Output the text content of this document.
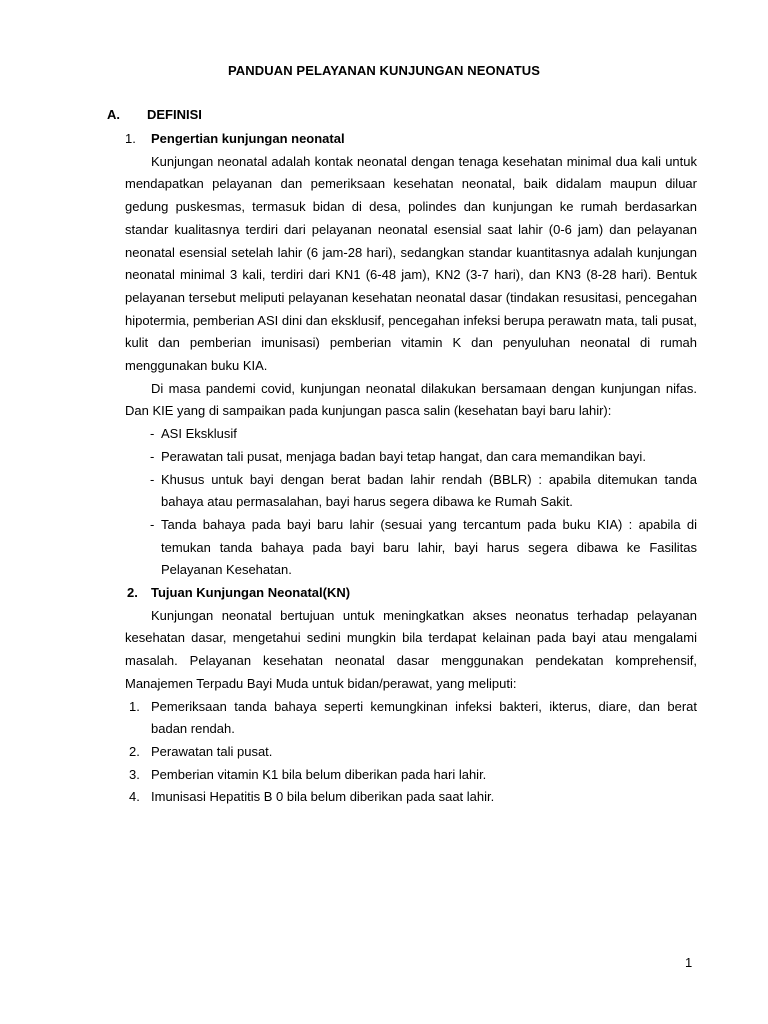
PANDUAN PELAYANAN KUNJUNGAN NEONATUS
A. DEFINISI
1.	Pengertian kunjungan neonatal

Kunjungan neonatal adalah kontak neonatal dengan tenaga kesehatan minimal dua kali untuk mendapatkan pelayanan dan pemeriksaan kesehatan neonatal, baik didalam maupun diluar gedung puskesmas, termasuk bidan di desa, polindes dan kunjungan ke rumah berdasarkan standar kualitasnya terdiri dari pelayanan neonatal esensial saat lahir (0-6 jam) dan pelayanan neonatal esensial setelah lahir (6 jam-28 hari), sedangkan standar kuantitasnya adalah kunjungan neonatal minimal 3 kali, terdiri dari KN1 (6-48 jam), KN2 (3-7 hari), dan KN3 (8-28 hari). Bentuk pelayanan tersebut meliputi pelayanan kesehatan neonatal dasar (tindakan resusitasi, pencegahan hipotermia, pemberian ASI dini dan eksklusif, pencegahan infeksi berupa perawatn mata, tali pusat, kulit dan pemberian imunisasi) pemberian vitamin K dan penyuluhan neonatal di rumah menggunakan buku KIA.

Di masa pandemi covid, kunjungan neonatal dilakukan bersamaan dengan kunjungan nifas. Dan KIE yang di sampaikan pada kunjungan pasca salin (kesehatan bayi baru lahir):

- ASI Eksklusif
- Perawatan tali pusat, menjaga badan bayi tetap hangat, dan cara memandikan bayi.
- Khusus untuk bayi dengan berat badan lahir rendah (BBLR) : apabila ditemukan tanda bahaya atau permasalahan, bayi harus segera dibawa ke Rumah Sakit.
- Tanda bahaya pada bayi baru lahir (sesuai yang tercantum pada buku KIA) : apabila di temukan tanda bahaya pada bayi baru lahir, bayi harus segera dibawa ke Fasilitas Pelayanan Kesehatan.
2.	Tujuan Kunjungan Neonatal(KN)

Kunjungan neonatal bertujuan untuk meningkatkan akses neonatus terhadap pelayanan kesehatan dasar, mengetahui sedini mungkin bila terdapat kelainan pada bayi atau mengalami masalah. Pelayanan kesehatan neonatal dasar menggunakan pendekatan komprehensif, Manajemen Terpadu Bayi Muda untuk bidan/perawat, yang meliputi:

1. Pemeriksaan tanda bahaya seperti kemungkinan infeksi bakteri, ikterus, diare, dan berat badan rendah.
2. Perawatan tali pusat.
3. Pemberian vitamin K1 bila belum diberikan pada hari lahir.
4. Imunisasi Hepatitis B 0 bila belum diberikan pada saat lahir.
1
